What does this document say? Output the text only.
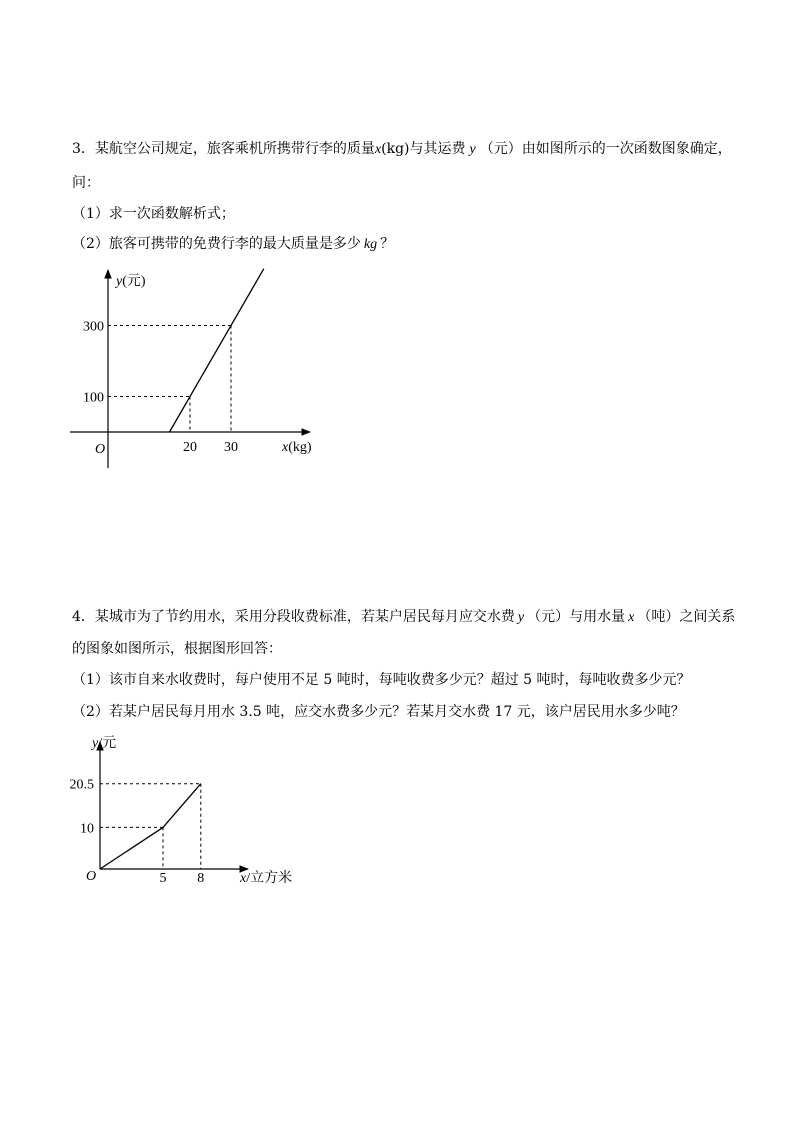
3．某航空公司规定，旅客乘机所携带行李的质量x(kg)与其运费 y （元）由如图所示的一次函数图象确定，
问：
（1）求一次函数解析式；
（2）旅客可携带的免费行李的最大质量是多少 kg ？
O
y(元)
x(kg)
20
100
30
300
O
y/元
x/立方米
5
10
8
20.5
4．某城市为了节约用水，采用分段收费标准，若某户居民每月应交水费 y （元）与用水量 x （吨）之间关系
的图象如图所示，根据图形回答：
（1）该市自来水收费时，每户使用不足 5 吨时，每吨收费多少元？超过 5 吨时，每吨收费多少元？
（2）若某户居民每月用水 3.5 吨，应交水费多少元？若某月交水费 17 元，该户居民用水多少吨？
